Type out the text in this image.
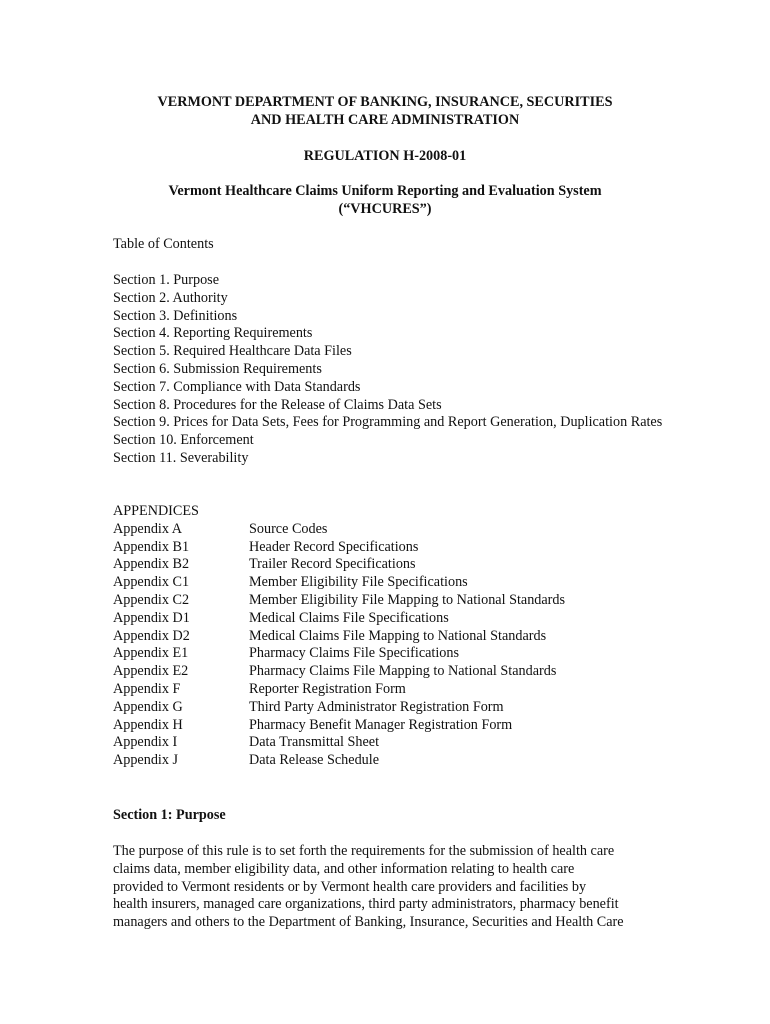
VERMONT DEPARTMENT OF BANKING, INSURANCE, SECURITIES
AND HEALTH CARE ADMINISTRATION
REGULATION H-2008-01
Vermont Healthcare Claims Uniform Reporting and Evaluation System
(“VHCURES”)
Table of Contents
Section 1. Purpose
Section 2. Authority
Section 3. Definitions
Section 4. Reporting Requirements
Section 5. Required Healthcare Data Files
Section 6. Submission Requirements
Section 7. Compliance with Data Standards
Section 8. Procedures for the Release of Claims Data Sets
Section 9. Prices for Data Sets, Fees for Programming and Report Generation, Duplication Rates
Section 10. Enforcement
Section 11. Severability
APPENDICES
Appendix A	Source Codes
Appendix B1	Header Record Specifications
Appendix B2	Trailer Record Specifications
Appendix C1	Member Eligibility File Specifications
Appendix C2	Member Eligibility File Mapping to National Standards
Appendix D1	Medical Claims File Specifications
Appendix D2	Medical Claims File Mapping to National Standards
Appendix E1	Pharmacy Claims File Specifications
Appendix E2	Pharmacy Claims File Mapping to National Standards
Appendix F	Reporter Registration Form
Appendix G	Third Party Administrator Registration Form
Appendix H	Pharmacy Benefit Manager Registration Form
Appendix I	Data Transmittal Sheet
Appendix J	Data Release Schedule
Section 1: Purpose
The purpose of this rule is to set forth the requirements for the submission of health care
claims data, member eligibility data, and other information relating to health care
provided to Vermont residents or by Vermont health care providers and facilities by
health insurers, managed care organizations, third party administrators, pharmacy benefit
managers and others to the Department of Banking, Insurance, Securities and Health Care
